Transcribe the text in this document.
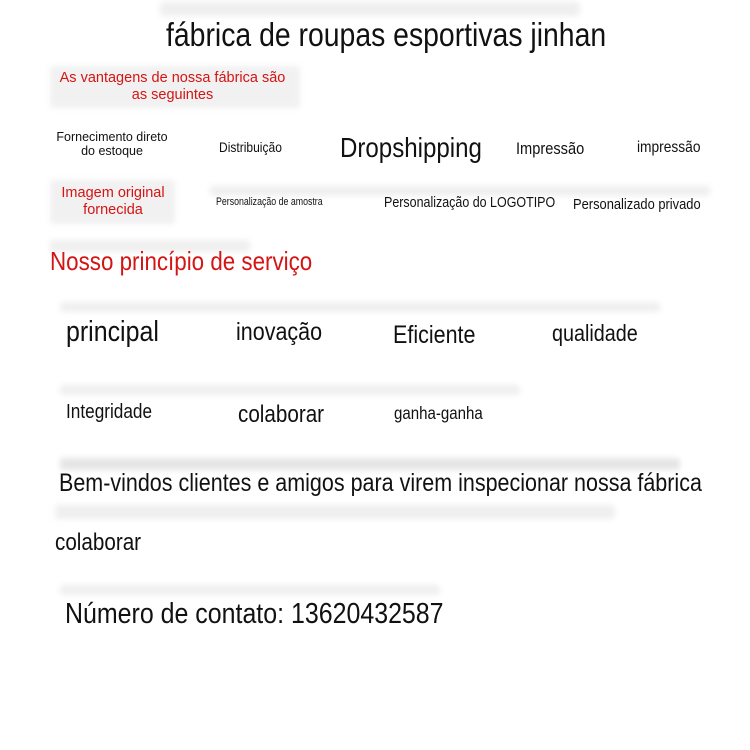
fábrica de roupas esportivas jinhan
As vantagens de nossa fábrica são as seguintes
Fornecimento direto do estoque	Distribuição Dropshipping Impressão	impressão
Imagem original fornecida	Personalização de amostra	Personalização do LOGOTIPO Personalizado privado
Nosso princípio de serviço
principal	inovação	Eficiente	qualidade
Integridade	colaborar	ganha-ganha
Bem-vindos clientes e amigos para virem inspecionar nossa fábrica
colaborar
Número de contato: 13620432587
